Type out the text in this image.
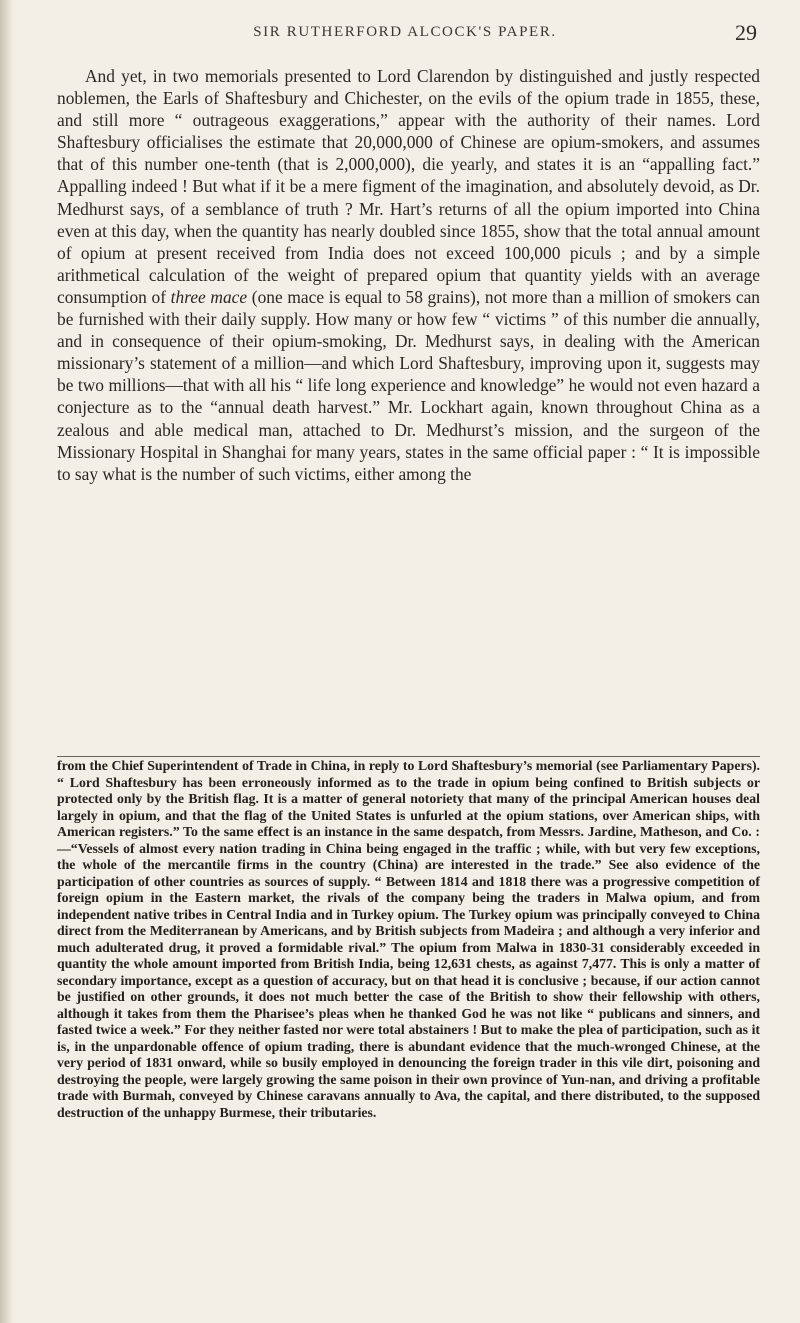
SIR RUTHERFORD ALCOCK'S PAPER.	29

And yet, in two memorials presented to Lord Clarendon by distinguished and justly respected noblemen, the Earls of Shaftesbury and Chichester, on the evils of the opium trade in 1855, these, and still more “ outrageous exaggerations,” appear with the authority of their names. Lord Shaftesbury officialises the estimate that 20,000,000 of Chinese are opium-smokers, and assumes that of this number one-tenth (that is 2,000,000), die yearly, and states it is an “appalling fact.” Appalling indeed ! But what if it be a mere figment of the imagination, and absolutely devoid, as Dr. Medhurst says, of a semblance of truth ? Mr. Hart’s returns of all the opium imported into China even at this day, when the quantity has nearly doubled since 1855, show that the total annual amount of opium at present received from India does not exceed 100,000 piculs ; and by a simple arithmetical calculation of the weight of prepared opium that quantity yields with an average consumption of three mace (one mace is equal to 58 grains), not more than a million of smokers can be furnished with their daily supply. How many or how few “ victims ” of this number die annually, and in consequence of their opium-smoking, Dr. Medhurst says, in dealing with the American missionary’s statement of a million—and which Lord Shaftesbury, improving upon it, suggests may be two millions—that with all his “ life long experience and knowledge” he would not even hazard a conjecture as to the “annual death harvest.” Mr. Lockhart again, known throughout China as a zealous and able medical man, attached to Dr. Medhurst’s mission, and the surgeon of the Missionary Hospital in Shanghai for many years, states in the same official paper : “ It is impossible to say what is the number of such victims, either among the

from the Chief Superintendent of Trade in China, in reply to Lord Shaftesbury’s memorial (see Parliamentary Papers). “ Lord Shaftesbury has been erroneously informed as to the trade in opium being confined to British subjects or protected only by the British flag. It is a matter of general notoriety that many of the principal American houses deal largely in opium, and that the flag of the United States is unfurled at the opium stations, over American ships, with American registers.” To the same effect is an instance in the same despatch, from Messrs. Jardine, Matheson, and Co. :—“Vessels of almost every nation trading in China being engaged in the traffic ; while, with but very few exceptions, the whole of the mercantile firms in the country (China) are interested in the trade.” See also evidence of the participation of other countries as sources of supply. “ Between 1814 and 1818 there was a progressive competition of foreign opium in the Eastern market, the rivals of the company being the traders in Malwa opium, and from independent native tribes in Central India and in Turkey opium. The Turkey opium was principally conveyed to China direct from the Mediterranean by Americans, and by British subjects from Madeira ; and although a very inferior and much adulterated drug, it proved a formidable rival.” The opium from Malwa in 1830-31 considerably exceeded in quantity the whole amount imported from British India, being 12,631 chests, as against 7,477. This is only a matter of secondary importance, except as a question of accuracy, but on that head it is conclusive ; because, if our action cannot be justified on other grounds, it does not much better the case of the British to show their fellowship with others, although it takes from them the Pharisee’s pleas when he thanked God he was not like “ publicans and sinners, and fasted twice a week.” For they neither fasted nor were total abstainers ! But to make the plea of participation, such as it is, in the unpardonable offence of opium trading, there is abundant evidence that the much-wronged Chinese, at the very period of 1831 onward, while so busily employed in denouncing the foreign trader in this vile dirt, poisoning and destroying the people, were largely growing the same poison in their own province of Yun-nan, and driving a profitable trade with Burmah, conveyed by Chinese caravans annually to Ava, the capital, and there distributed, to the supposed destruction of the unhappy Burmese, their tributaries.
